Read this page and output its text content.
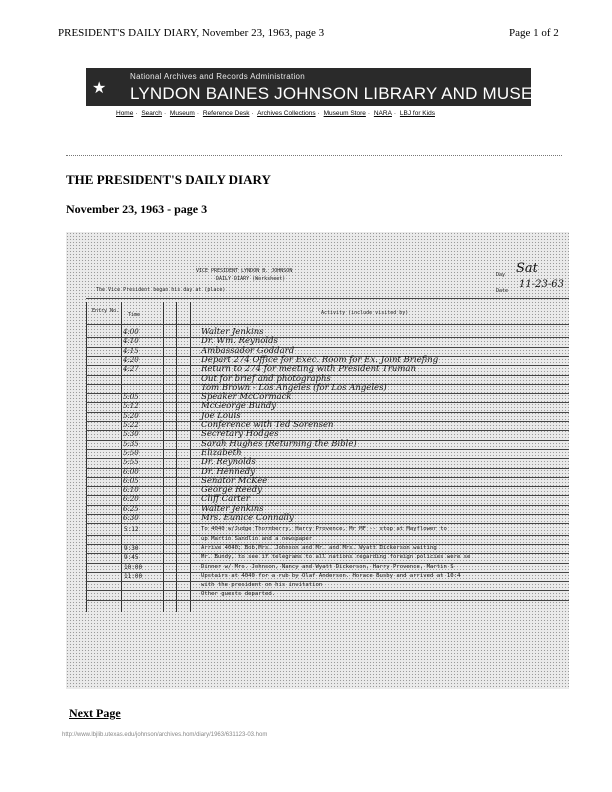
PRESIDENT'S DAILY DIARY, November 23, 1963, page 3	Page 1 of 2
★
National Archives and Records Administration
LYNDON BAINES JOHNSON LIBRARY AND MUSEUM
Home · Search · Museum · Reference Desk · Archives Collections · Museum Store · NARA · LBJ for Kids
THE PRESIDENT'S DAILY DIARY
November 23, 1963 - page 3
VICE PRESIDENT LYNDON B. JOHNSON
DAILY DIARY (Worksheet)
The Vice President began his day at (place)
Day Sat
Date
11-23-63
Entry No.
Time	Activity (include visited by)
4:00	Walter Jenkins
4:10	Dr. Wm. Reynolds
4:15	Ambassador Goddard
4:20	Depart 274 Office for Exec. Room for Ex. Joint Briefing
4:27	Return to 274 for meeting with President Truman
Out for brief and photographs
Tom Brown - Los Angeles (for Los Angeles)
5:05	Speaker McCormack
5:12	McGeorge Bundy
5:20	Joe Louis
5:22	Conference with Ted Sorensen
5:30	Secretary Hodges
5:35	Sarah Hughes (Returning the Bible)
5:50	Elizabeth
5:55	Dr. Reynolds
6:00	Dr. Hennedy
6:05	Senator McKee
6:10	George Reedy
6:20	Cliff Carter
6:25	Walter Jenkins
6:30	Mrs. Eunice Connally
5:12	To 4040 w/Judge Thornberry, Harry Provence, Mr MF -- stop at Mayflower to
up Martin Sandlin and a newspaper
9:30	Arrive 4040; Bob,Mrs. Johnson and Mr. and Mrs. Wyatt Dickerson waiting
9:45	Mr. Bundy, to see if telegrams to all nations regarding foreign policies were se
10:00	Dinner w/ Mrs. Johnson, Nancy and Wyatt Dickerson, Harry Provence, Martin S
11:00	Upstairs at 4040 for a rub by Olaf Anderson. Horace Busby and arrived at 10:4
with the president on his invitation
Other guests departed.
Next Page
http://www.lbjlib.utexas.edu/johnson/archives.hom/diary/1963/631123-03.hom
